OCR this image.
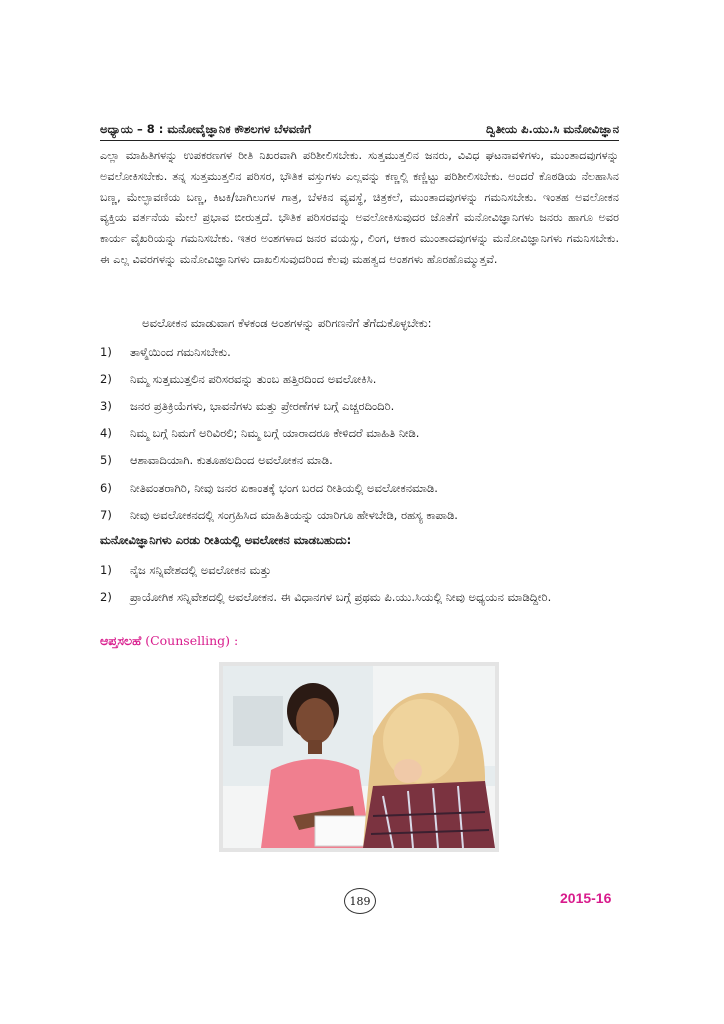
ಅಧ್ಯಾಯ – 8 : ಮನೋವೈಜ್ಞಾನಿಕ ಕೌಶಲಗಳ ಬೆಳವಣಿಗೆ	ದ್ವಿತೀಯ ಪಿ.ಯು.ಸಿ ಮನೋವಿಜ್ಞಾನ
ಎಲ್ಲಾ ಮಾಹಿತಿಗಳನ್ನು ಉಪಕರಣಗಳ ರೀತಿ ನಿಖರವಾಗಿ ಪರಿಶೀಲಿಸಬೇಕು. ಸುತ್ತಮುತ್ತಲಿನ ಜನರು, ವಿವಿಧ ಘಟನಾವಳಿಗಳು, ಮುಂತಾದವುಗಳನ್ನು ಅವಲೋಕಿಸಬೇಕು. ತನ್ನ ಸುತ್ತಮುತ್ತಲಿನ ಪರಿಸರ, ಭೌತಿಕ ವಸ್ತುಗಳು ಎಲ್ಲವನ್ನು ಕಣ್ಣಲ್ಲಿ ಕಣ್ಣಿಟ್ಟು ಪರಿಶೀಲಿಸಬೇಕು. ಅಂದರೆ ಕೊಠಡಿಯ ನೆಲಹಾಸಿನ ಬಣ್ಣ, ಮೇಲ್ಛಾವಣಿಯ ಬಣ್ಣ, ಕಿಟಕಿ/ಬಾಗಿಲುಗಳ ಗಾತ್ರ, ಬೆಳಕಿನ ವ್ಯವಸ್ಥೆ, ಚಿತ್ರಕಲೆ, ಮುಂತಾದವುಗಳನ್ನು ಗಮನಿಸಬೇಕು. ಇಂತಹ ಅವಲೋಕನ ವ್ಯಕ್ತಿಯ ವರ್ತನೆಯ ಮೇಲೆ ಪ್ರಭಾವ ಬೀರುತ್ತದೆ. ಭೌತಿಕ ಪರಿಸರವನ್ನು ಅವಲೋಕಿಸುವುದರ ಜೊತೆಗೆ ಮನೋವಿಜ್ಞಾನಿಗಳು ಜನರು ಹಾಗೂ ಅವರ ಕಾರ್ಯ ವೈಖರಿಯನ್ನು ಗಮನಿಸಬೇಕು. ಇತರ ಅಂಶಗಳಾದ ಜನರ ವಯಸ್ಸು, ಲಿಂಗ, ಆಕಾರ ಮುಂತಾದವುಗಳನ್ನು ಮನೋವಿಜ್ಞಾನಿಗಳು ಗಮನಿಸಬೇಕು. ಈ ಎಲ್ಲ ವಿವರಗಳನ್ನು ಮನೋವಿಜ್ಞಾನಿಗಳು ದಾಖಲಿಸುವುದರಿಂದ ಕೆಲವು ಮಹತ್ವದ ಅಂಶಗಳು ಹೊರಹೊಮ್ಮುತ್ತವೆ.
ಅವಲೋಕನ ಮಾಡುವಾಗ ಕೆಳಕಂಡ ಅಂಶಗಳನ್ನು ಪರಿಗಣನೆಗೆ ತೆಗೆದುಕೊಳ್ಳಬೇಕು:
1)	ತಾಳ್ಮೆಯಿಂದ ಗಮನಿಸಬೇಕು.
2)	ನಿಮ್ಮ ಸುತ್ತಮುತ್ತಲಿನ ಪರಿಸರವನ್ನು ತುಂಬ ಹತ್ತಿರದಿಂದ ಅವಲೋಕಿಸಿ.
3)	ಜನರ ಪ್ರತಿಕ್ರಿಯೆಗಳು, ಭಾವನೆಗಳು ಮತ್ತು ಪ್ರೇರಣೆಗಳ ಬಗ್ಗೆ ಎಚ್ಚರದಿಂದಿರಿ.
4)	ನಿಮ್ಮ ಬಗ್ಗೆ ನಿಮಗೆ ಅರಿವಿರಲಿ; ನಿಮ್ಮ ಬಗ್ಗೆ ಯಾರಾದರೂ ಕೇಳಿದರೆ ಮಾಹಿತಿ ನೀಡಿ.
5)	ಆಶಾವಾದಿಯಾಗಿ. ಕುತೂಹಲದಿಂದ ಅವಲೋಕನ ಮಾಡಿ.
6)	ನೀತಿವಂತರಾಗಿರಿ, ನೀವು ಜನರ ಏಕಾಂತಕ್ಕೆ ಭಂಗ ಬರದ ರೀತಿಯಲ್ಲಿ ಅವಲೋಕನಮಾಡಿ.
7)	ನೀವು ಅವಲೋಕನದಲ್ಲಿ ಸಂಗ್ರಹಿಸಿದ ಮಾಹಿತಿಯನ್ನು ಯಾರಿಗೂ ಹೇಳಬೇಡಿ, ರಹಸ್ಯ ಕಾಪಾಡಿ.
ಮನೋವಿಜ್ಞಾನಿಗಳು ಎರಡು ರೀತಿಯಲ್ಲಿ ಅವಲೋಕನ ಮಾಡಬಹುದು:
1)	ನೈಜ ಸನ್ನಿವೇಶದಲ್ಲಿ ಅವಲೋಕನ ಮತ್ತು
2)	ಪ್ರಾಯೋಗಿಕ ಸನ್ನಿವೇಶದಲ್ಲಿ ಅವಲೋಕನ. ಈ ವಿಧಾನಗಳ ಬಗ್ಗೆ ಪ್ರಥಮ ಪಿ.ಯು.ಸಿಯಲ್ಲಿ ನೀವು ಅಧ್ಯಯನ ಮಾಡಿದ್ದೀರಿ.
ಆಪ್ತಸಲಹೆ (Counselling) :
189	2015-16
